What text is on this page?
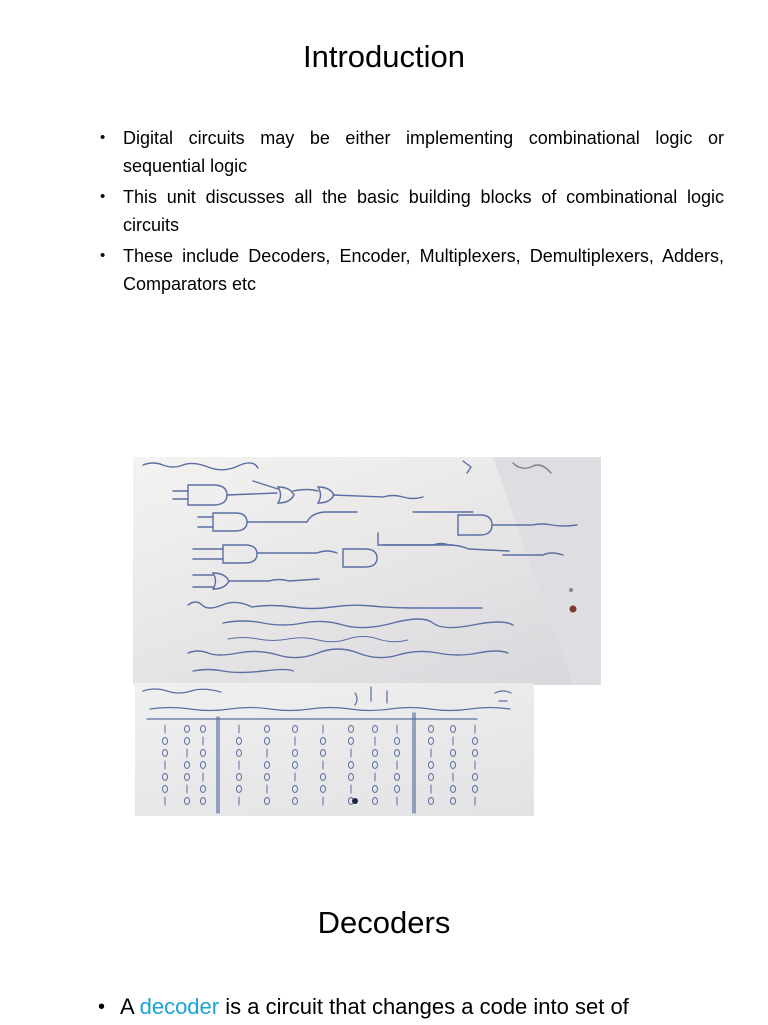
Introduction
• Digital circuits may be either implementing combinational logic or sequential logic
• This unit discusses all the basic building blocks of combinational logic circuits
• These include Decoders, Encoder, Multiplexers, Demultiplexers, Adders, Comparators etc
Decoders
• A decoder is a circuit that changes a code into set of
